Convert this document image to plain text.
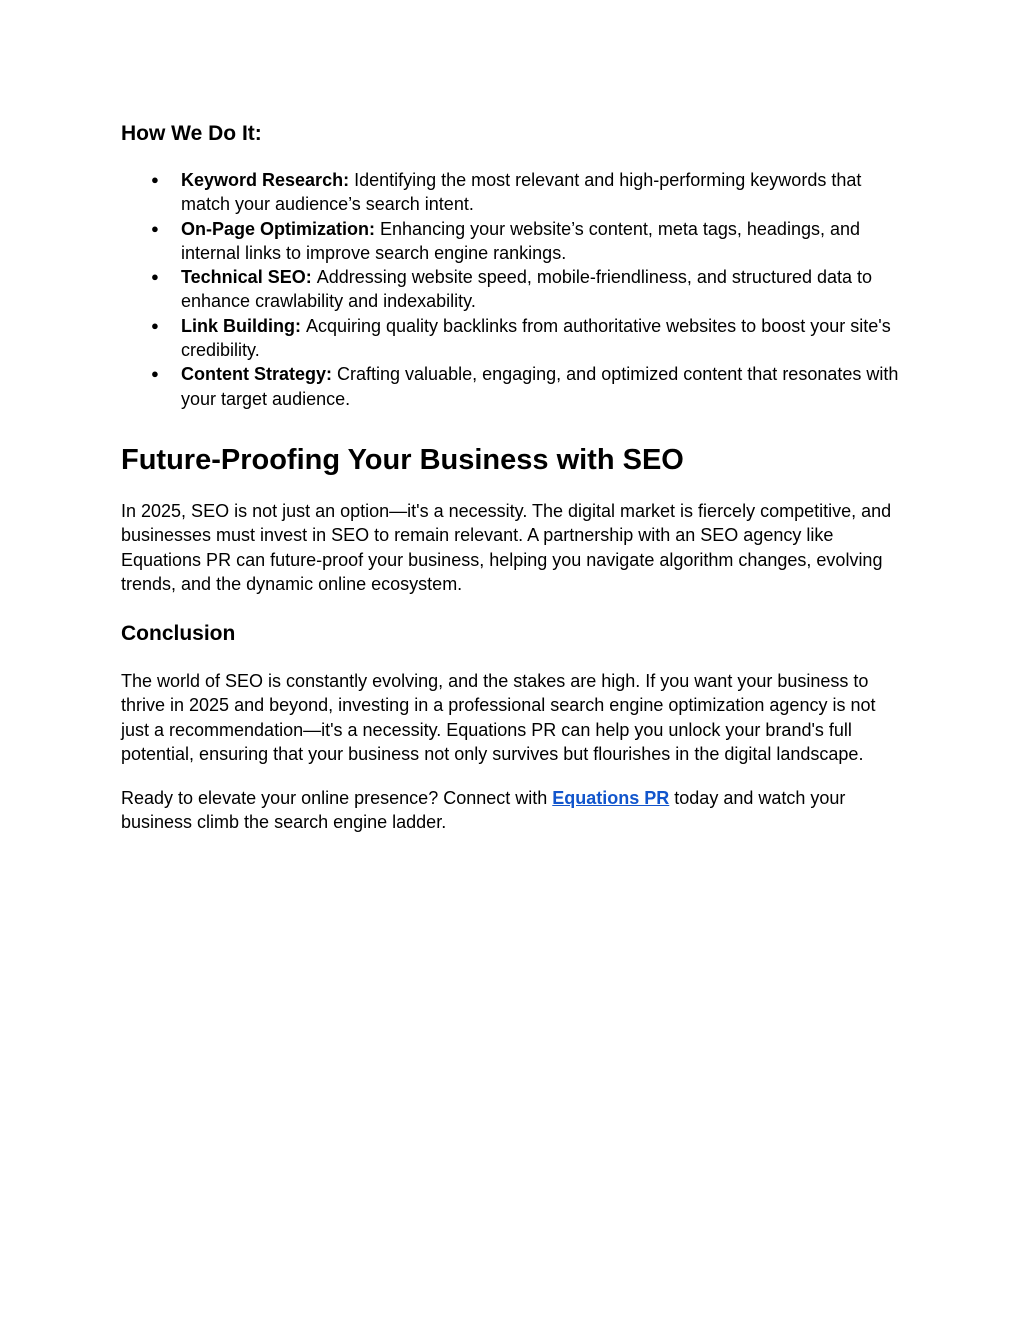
How We Do It:
● Keyword Research: Identifying the most relevant and high-performing keywords that match your audience’s search intent.
● On-Page Optimization: Enhancing your website’s content, meta tags, headings, and internal links to improve search engine rankings.
● Technical SEO: Addressing website speed, mobile-friendliness, and structured data to enhance crawlability and indexability.
● Link Building: Acquiring quality backlinks from authoritative websites to boost your site's credibility.
● Content Strategy: Crafting valuable, engaging, and optimized content that resonates with your target audience.
Future-Proofing Your Business with SEO

In 2025, SEO is not just an option—it's a necessity. The digital market is fiercely competitive, and businesses must invest in SEO to remain relevant. A partnership with an SEO agency like Equations PR can future-proof your business, helping you navigate algorithm changes, evolving trends, and the dynamic online ecosystem.

Conclusion

The world of SEO is constantly evolving, and the stakes are high. If you want your business to thrive in 2025 and beyond, investing in a professional search engine optimization agency is not just a recommendation—it's a necessity. Equations PR can help you unlock your brand's full potential, ensuring that your business not only survives but flourishes in the digital landscape.

Ready to elevate your online presence? Connect with Equations PR today and watch your business climb the search engine ladder.
